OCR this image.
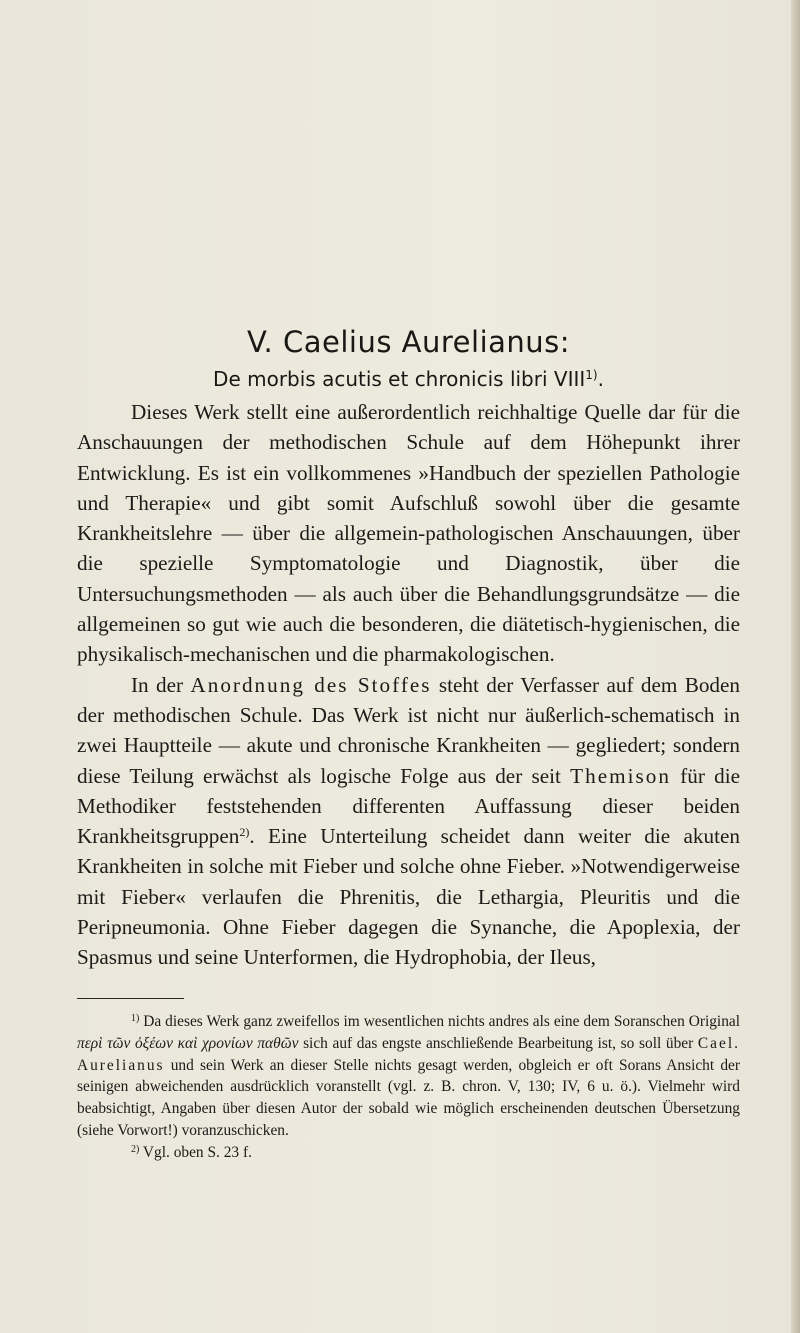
V. Caelius Aurelianus:
De morbis acutis et chronicis libri VIII$^{1)}$.

Dieses Werk stellt eine außerordentlich reichhaltige Quelle dar für die Anschauungen der methodischen Schule auf dem Höhepunkt ihrer Entwicklung. Es ist ein vollkommenes »Handbuch der speziellen Pathologie und Therapie« und gibt somit Aufschluß sowohl über die gesamte Krankheitslehre — über die allgemein-pathologischen Anschauungen, über die spezielle Symptomatologie und Diagnostik, über die Untersuchungsmethoden — als auch über die Behandlungsgrundsätze — die allgemeinen so gut wie auch die besonderen, die diätetisch-hygienischen, die physikalisch-mechanischen und die pharmakologischen.

In der Anordnung des Stoffes steht der Verfasser auf dem Boden der methodischen Schule. Das Werk ist nicht nur äußerlich-schematisch in zwei Hauptteile — akute und chronische Krankheiten — gegliedert; sondern diese Teilung erwächst als logische Folge aus der seit Themison für die Methodiker feststehenden differenten Auffassung dieser beiden Krankheitsgruppen$^{2)}$. Eine Unterteilung scheidet dann weiter die akuten Krankheiten in solche mit Fieber und solche ohne Fieber. »Notwendigerweise mit Fieber« verlaufen die Phrenitis, die Lethargia, Pleuritis und die Peripneumonia. Ohne Fieber dagegen die Synanche, die Apoplexia, der Spasmus und seine Unterformen, die Hydrophobia, der Ileus,

$^{1)}$ Da dieses Werk ganz zweifellos im wesentlichen nichts andres als eine dem Soranschen Original περὶ τῶν ὀξέων καὶ χρονίων παθῶν sich auf das engste anschließende Bearbeitung ist, so soll über Cael. Aurelianus und sein Werk an dieser Stelle nichts gesagt werden, obgleich er oft Sorans Ansicht der seinigen abweichenden ausdrücklich voranstellt (vgl. z. B. chron. V, 130; IV, 6 u. ö.). Vielmehr wird beabsichtigt, Angaben über diesen Autor der sobald wie möglich erscheinenden deutschen Übersetzung (siehe Vorwort!) voranzuschicken.

$^{2)}$ Vgl. oben S. 23 f.
